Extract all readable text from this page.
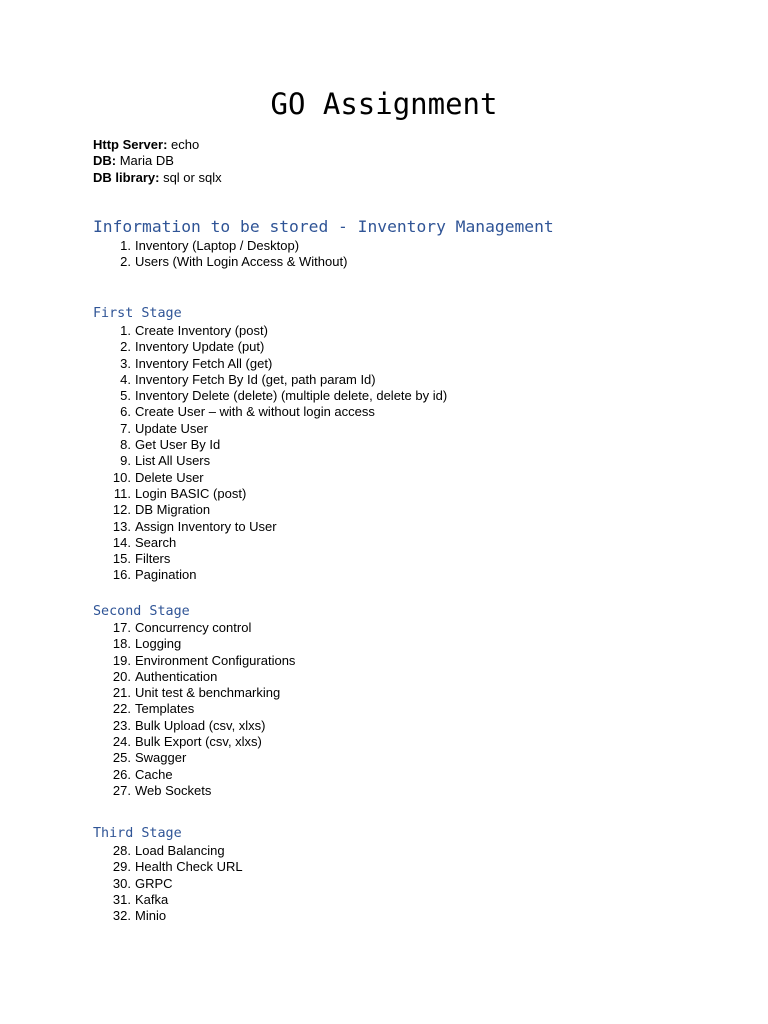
GO Assignment
Http Server: echo
DB: Maria DB
DB library: sql or sqlx
Information to be stored - Inventory Management
1. Inventory (Laptop / Desktop)
2. Users (With Login Access & Without)
First Stage
1. Create Inventory (post)
2. Inventory Update (put)
3. Inventory Fetch All (get)
4. Inventory Fetch By Id (get, path param Id)
5. Inventory Delete (delete) (multiple delete, delete by id)
6. Create User – with & without login access
7. Update User
8. Get User By Id
9. List All Users
10. Delete User
11. Login BASIC (post)
12. DB Migration
13. Assign Inventory to User
14. Search
15. Filters
16. Pagination
Second Stage
17. Concurrency control
18. Logging
19. Environment Configurations
20. Authentication
21. Unit test & benchmarking
22. Templates
23. Bulk Upload (csv, xlxs)
24. Bulk Export (csv, xlxs)
25. Swagger
26. Cache
27. Web Sockets
Third Stage
28. Load Balancing
29. Health Check URL
30. GRPC
31. Kafka
32. Minio
